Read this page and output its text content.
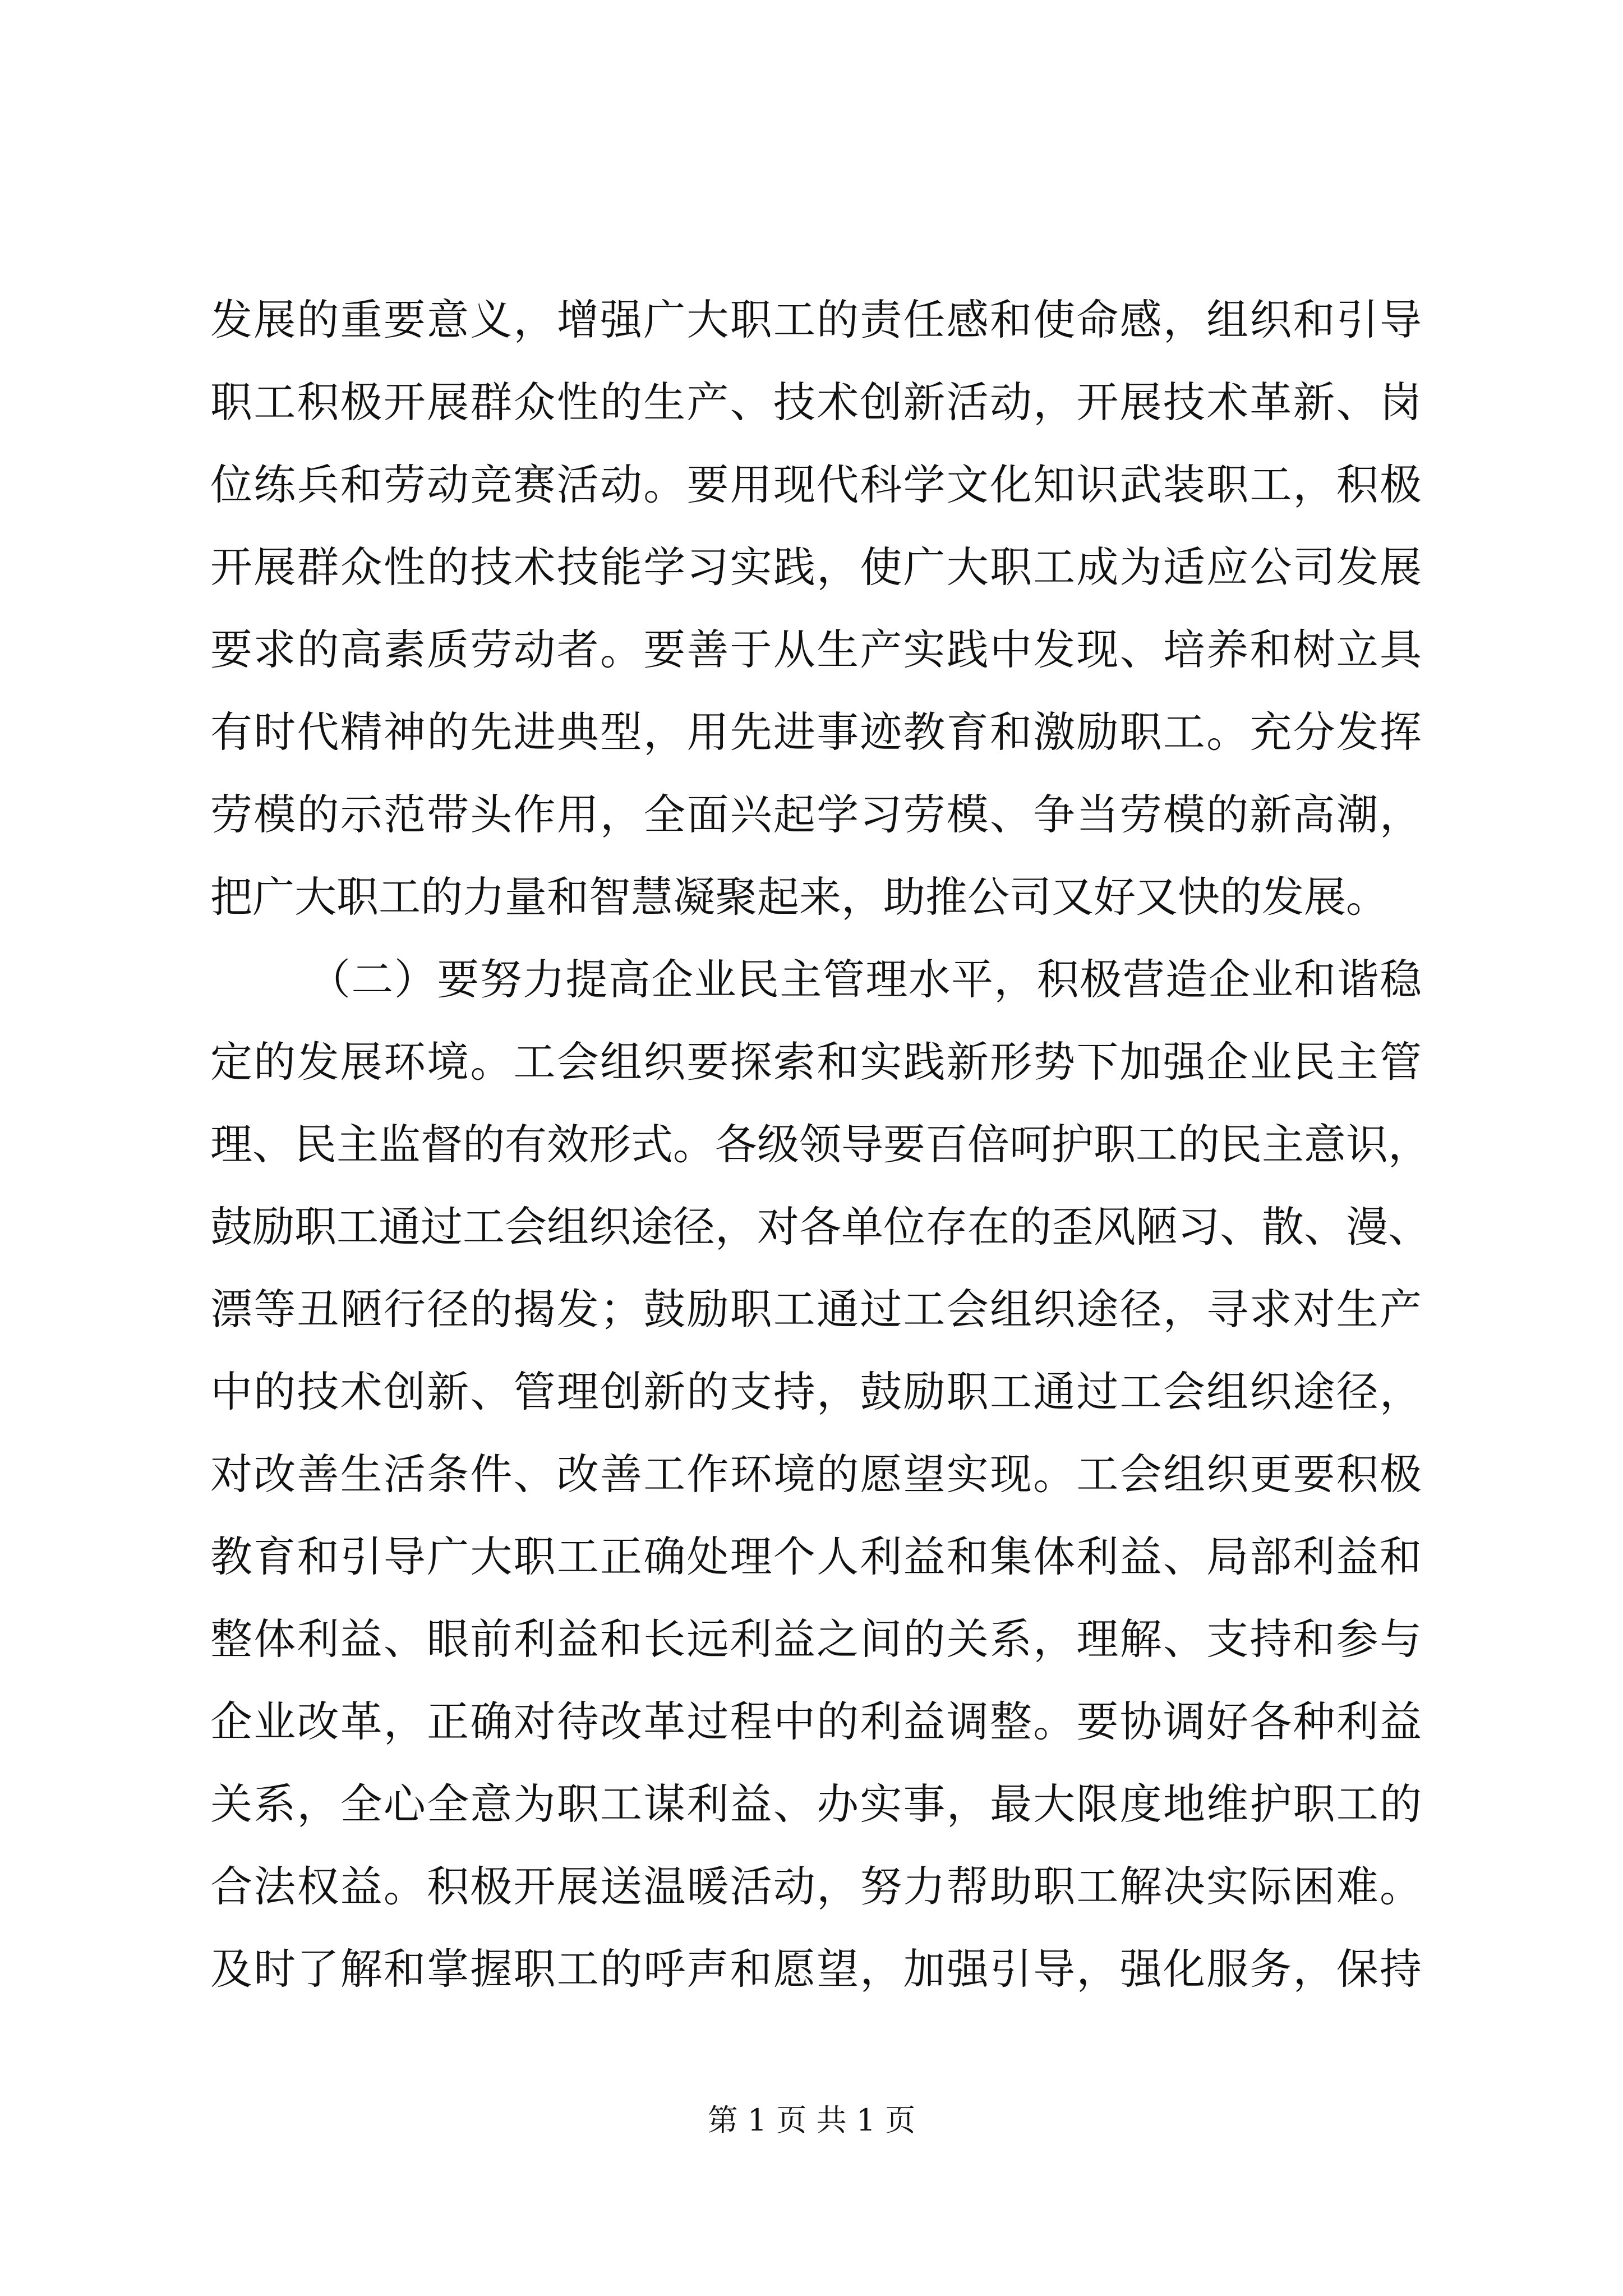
发展的重要意义，增强广大职工的责任感和使命感，组织和引导
职工积极开展群众性的生产、技术创新活动，开展技术革新、岗
位练兵和劳动竞赛活动。要用现代科学文化知识武装职工，积极
开展群众性的技术技能学习实践，使广大职工成为适应公司发展
要求的高素质劳动者。要善于从生产实践中发现、培养和树立具
有时代精神的先进典型，用先进事迹教育和激励职工。充分发挥
劳模的示范带头作用，全面兴起学习劳模、争当劳模的新高潮，
把广大职工的力量和智慧凝聚起来，助推公司又好又快的发展。
（二）要努力提高企业民主管理水平，积极营造企业和谐稳
定的发展环境。工会组织要探索和实践新形势下加强企业民主管
理、民主监督的有效形式。各级领导要百倍呵护职工的民主意识，
鼓励职工通过工会组织途径，对各单位存在的歪风陋习、散、漫、
漂等丑陋行径的揭发；鼓励职工通过工会组织途径，寻求对生产
中的技术创新、管理创新的支持，鼓励职工通过工会组织途径，
对改善生活条件、改善工作环境的愿望实现。工会组织更要积极
教育和引导广大职工正确处理个人利益和集体利益、局部利益和
整体利益、眼前利益和长远利益之间的关系，理解、支持和参与
企业改革，正确对待改革过程中的利益调整。要协调好各种利益
关系，全心全意为职工谋利益、办实事，最大限度地维护职工的
合法权益。积极开展送温暖活动，努力帮助职工解决实际困难。
及时了解和掌握职工的呼声和愿望，加强引导，强化服务，保持
第 1 页 共 1 页
